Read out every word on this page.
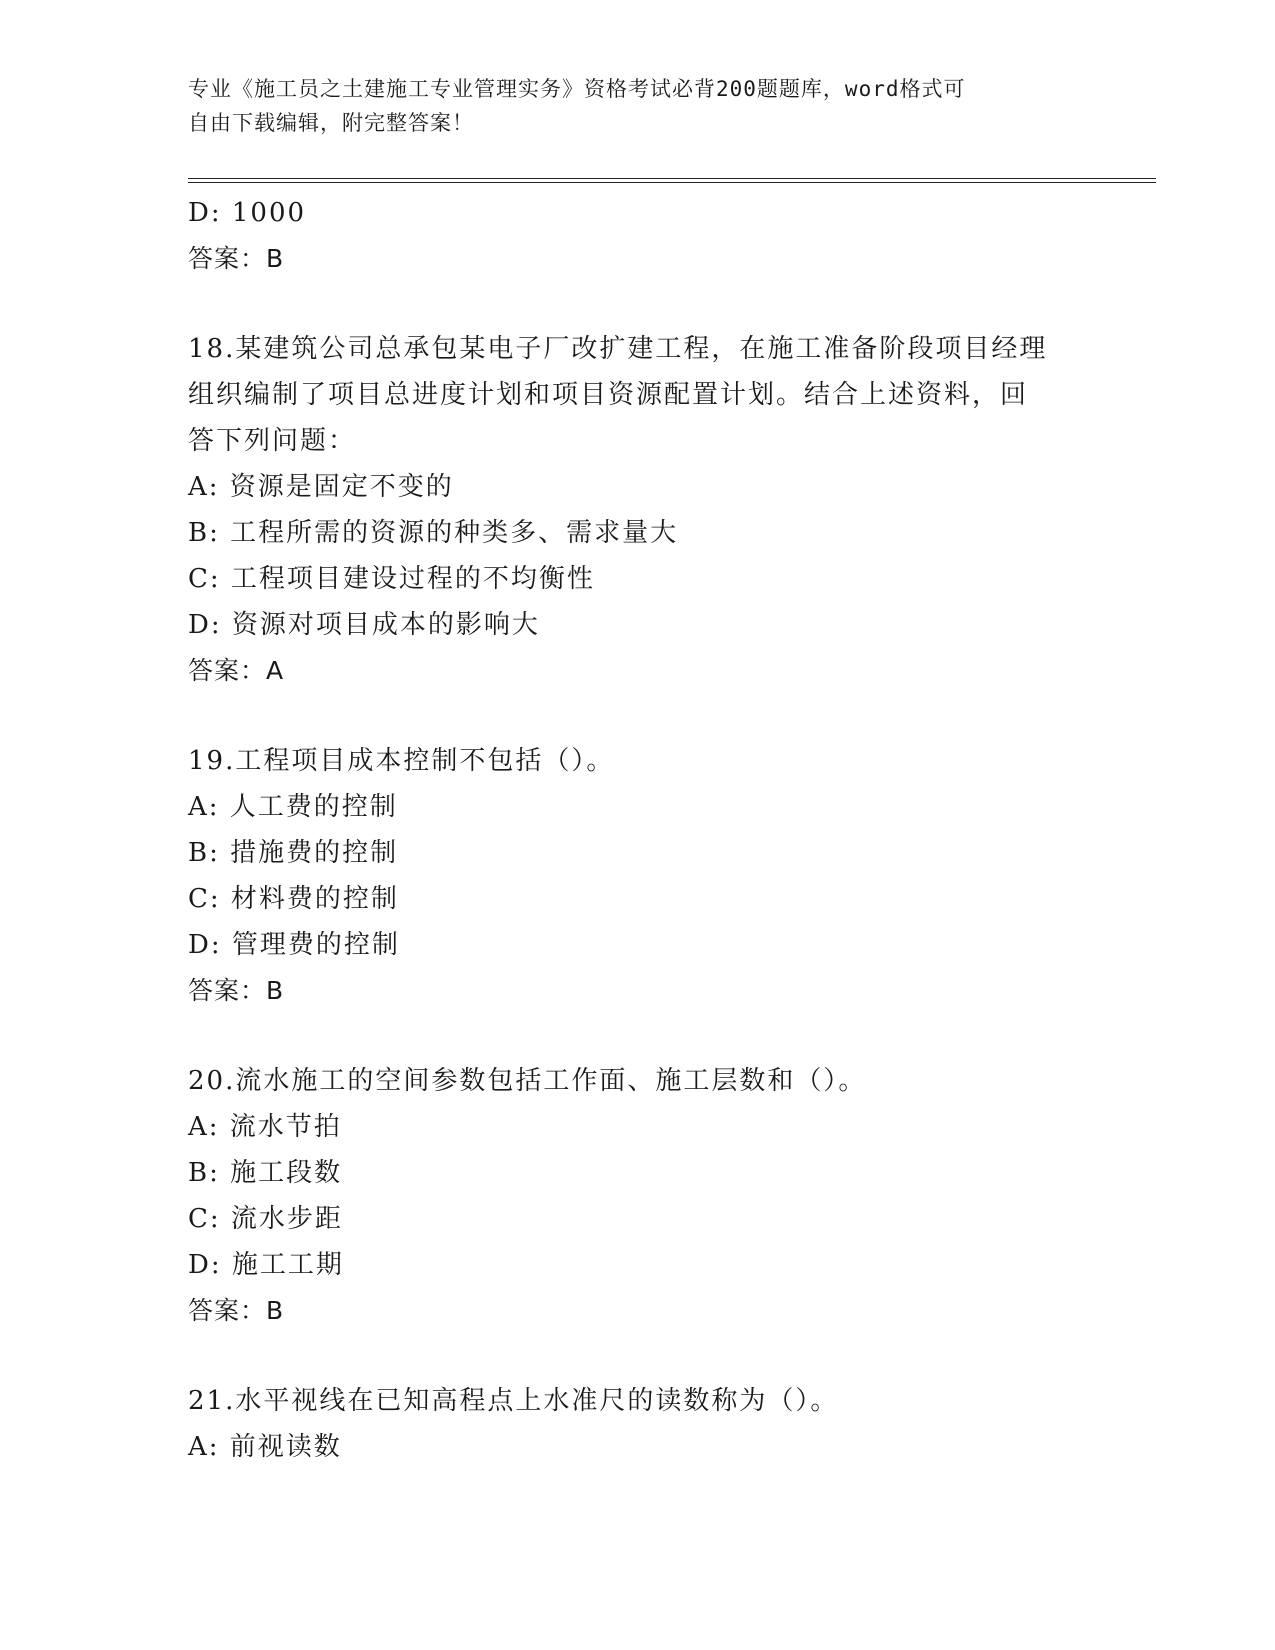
专业《施工员之土建施工专业管理实务》资格考试必背200题题库，word格式可
自由下载编辑，附完整答案！
D: 1000
答案：B
18.某建筑公司总承包某电子厂改扩建工程，在施工准备阶段项目经理
组织编制了项目总进度计划和项目资源配置计划。结合上述资料，回
答下列问题：
A: 资源是固定不变的
B: 工程所需的资源的种类多、需求量大
C: 工程项目建设过程的不均衡性
D: 资源对项目成本的影响大
答案：A
19.工程项目成本控制不包括（）。
A: 人工费的控制
B: 措施费的控制
C: 材料费的控制
D: 管理费的控制
答案：B
20.流水施工的空间参数包括工作面、施工层数和（）。
A: 流水节拍
B: 施工段数
C: 流水步距
D: 施工工期
答案：B
21.水平视线在已知高程点上水准尺的读数称为（）。
A: 前视读数
